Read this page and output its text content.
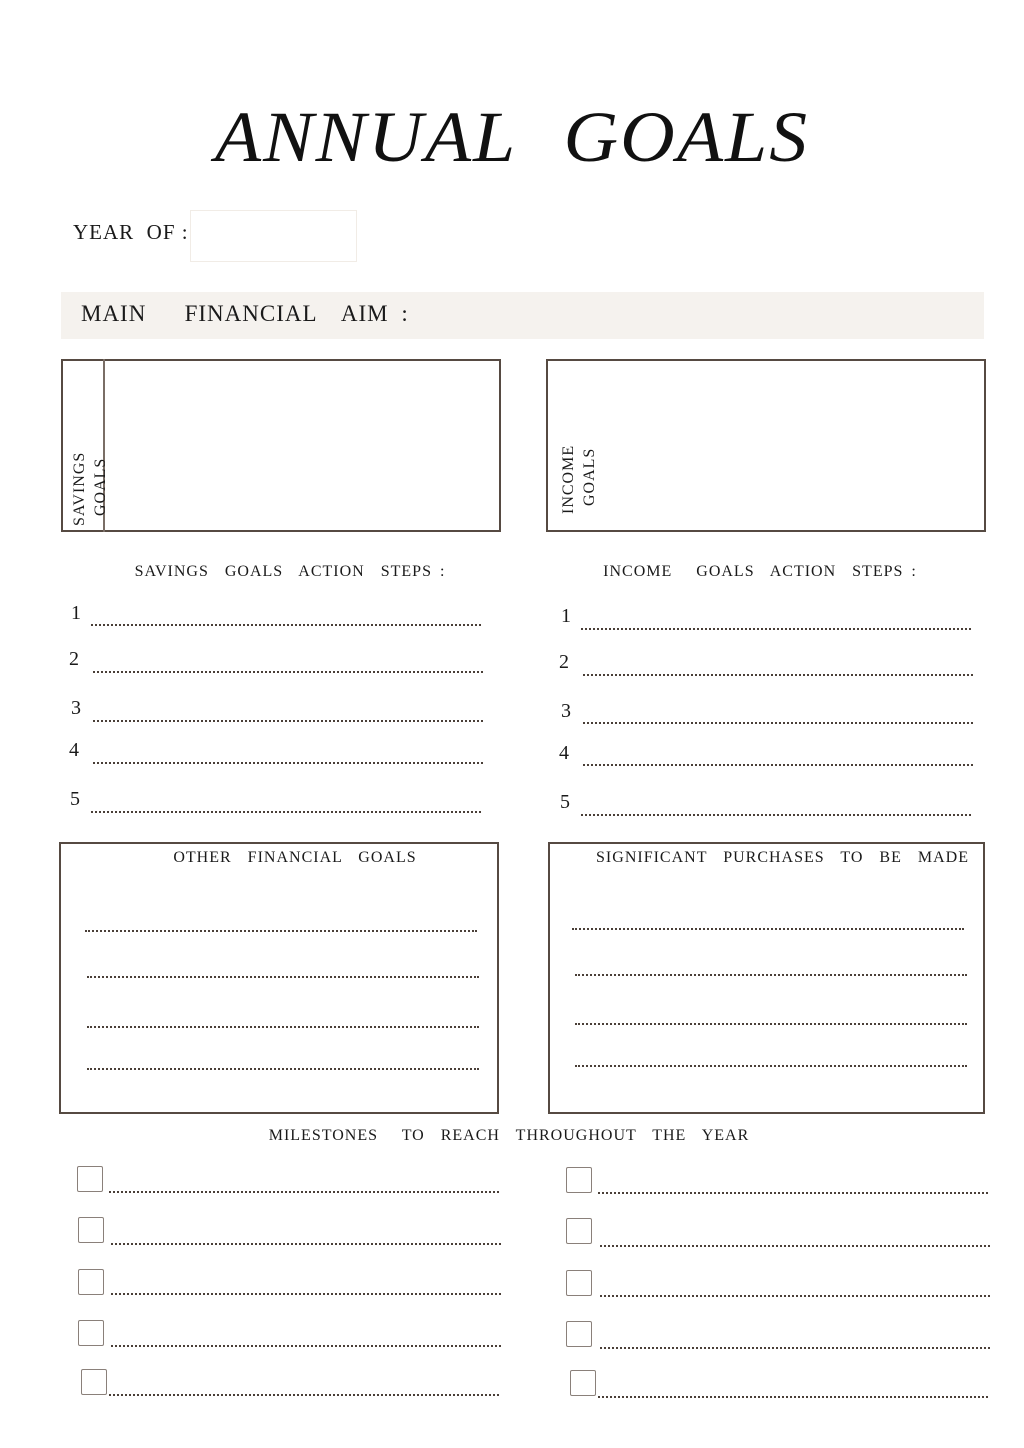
ANNUAL GOALS
YEAR  OF :
MAIN   FINANCIAL  AIM :
SAVINGS GOALS	INCOME GOALS
SAVINGS  GOALS  ACTION  STEPS :
1
2
3
4
5
INCOME   GOALS  ACTION  STEPS :
1
2
3
4
5
OTHER  FINANCIAL  GOALS	SIGNIFICANT  PURCHASES  TO  BE  MADE
MILESTONES   TO  REACH  THROUGHOUT  THE  YEAR
